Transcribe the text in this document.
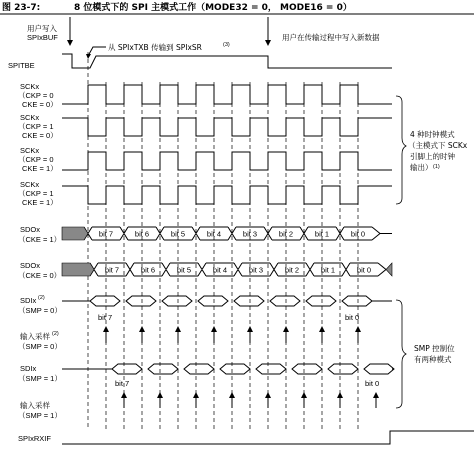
图 23-7:	8 位模式下的 SPI 主模式工作（MODE32 = 0， MODE16 = 0）
用户写入
SPIxBUF
从 SPIxTXB 传输到 SPIxSR	(3)
用户在传输过程中写入新数据
SPITBE
SCKx
（CKP = 0
CKE = 0）
SCKx
（CKP = 1
CKE = 0）
SCKx
（CKP = 0
CKE = 1）
SCKx
（CKP = 1
CKE = 1）
SDOx
（CKE = 1）
SDOx
（CKE = 0）
SDIx (2)
（SMP = 0）
输入采样 (2)
（SMP = 0）
SDIx
（SMP = 1）
输入采样
（SMP = 1）
SPIxRXIF
bit 7	bit 6	bit 5	bit 4	bit 3	bit 2	bit 1	bit 0
bit 7	bit 6	bit 5	bit 4	bit 3	bit 2	bit 1	bit 0
bit 7	bit 0
bit 7	bit 0
4 种时钟模式
（主模式下 SCKx
引脚上的时钟
输出） (1)
SMP 控制位
有两种模式
